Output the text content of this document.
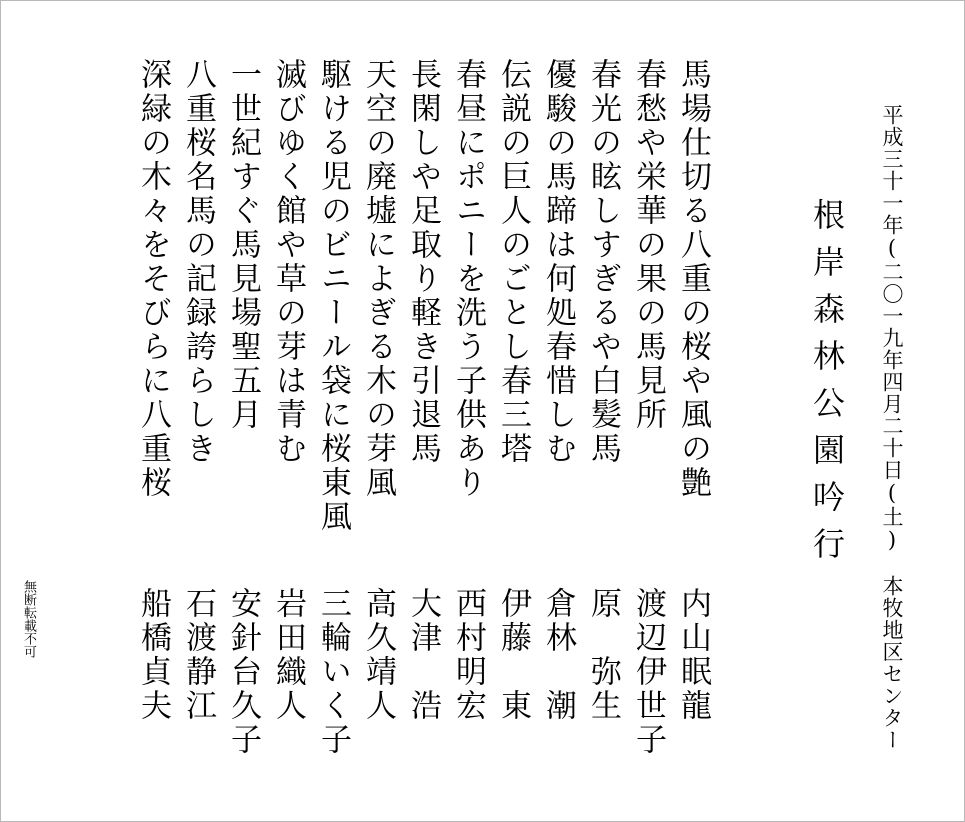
平成三十一年(二〇一九年四月二十日(土)　本牧地区センター
根岸森林公園吟行
馬場仕切る八重の桜や風の艶
春愁や栄華の果の馬見所
春光の眩しすぎるや白髪馬
優駿の馬蹄は何処春惜しむ
伝説の巨人のごとし春三塔
春昼にポニーを洗う子供あり
長閑しや足取り軽き引退馬
天空の廃墟によぎる木の芽風
駆ける児のビニール袋に桜東風
滅びゆく館や草の芽は青む
一世紀すぐ馬見場聖五月
八重桜名馬の記録誇らしき
深緑の木々をそびらに八重桜
内山眠龍
渡辺伊世子
原　弥生
倉林　潮
伊藤　東
西村明宏
大津　浩
高久靖人
三輪いく子
岩田織人
安針台久子
石渡静江
船橋貞夫
無断転載不可
